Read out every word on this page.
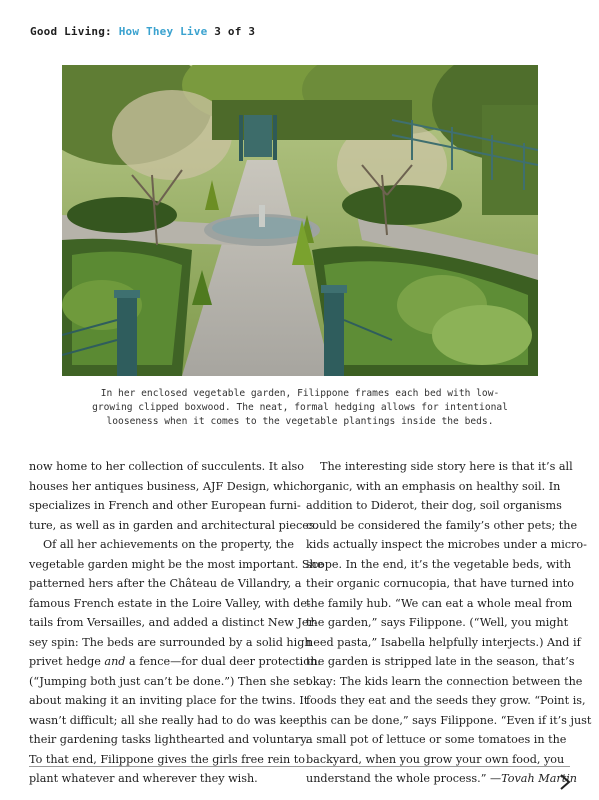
Good Living: How They Live 3 of 3
In her enclosed vegetable garden, Filippone frames each bed with low-
growing clipped boxwood. The neat, formal hedging allows for intentional
looseness when it comes to the vegetable plantings inside the beds.
now home to her collection of succulents. It also
houses her antiques business, AJF Design, which
specializes in French and other European furni-
ture, as well as in garden and architectural pieces.
Of all her achievements on the property, the
vegetable garden might be the most important. She
patterned hers after the Château de Villandry, a
famous French estate in the Loire Valley, with de-
tails from Versailles, and added a distinct New Jer-
sey spin: The beds are surrounded by a solid high
privet hedge and a fence—for dual deer protection.
(“Jumping both just can’t be done.”) Then she set
about making it an inviting place for the twins. It
wasn’t difficult; all she really had to do was keep
their gardening tasks lighthearted and voluntary.
To that end, Filippone gives the girls free rein to
plant whatever and wherever they wish.
The interesting side story here is that it’s all
organic, with an emphasis on healthy soil. In
addition to Diderot, their dog, soil organisms
could be considered the family’s other pets; the
kids actually inspect the microbes under a micro-
scope. In the end, it’s the vegetable beds, with
their organic cornucopia, that have turned into
the family hub. “We can eat a whole meal from
the garden,” says Filippone. (“Well, you might
need pasta,” Isabella helpfully interjects.) And if
the garden is stripped late in the season, that’s
okay: The kids learn the connection between the
foods they eat and the seeds they grow. “Point is,
this can be done,” says Filippone. “Even if it’s just
a small pot of lettuce or some tomatoes in the
backyard, when you grow your own food, you
understand the whole process.” —Tovah Martin
